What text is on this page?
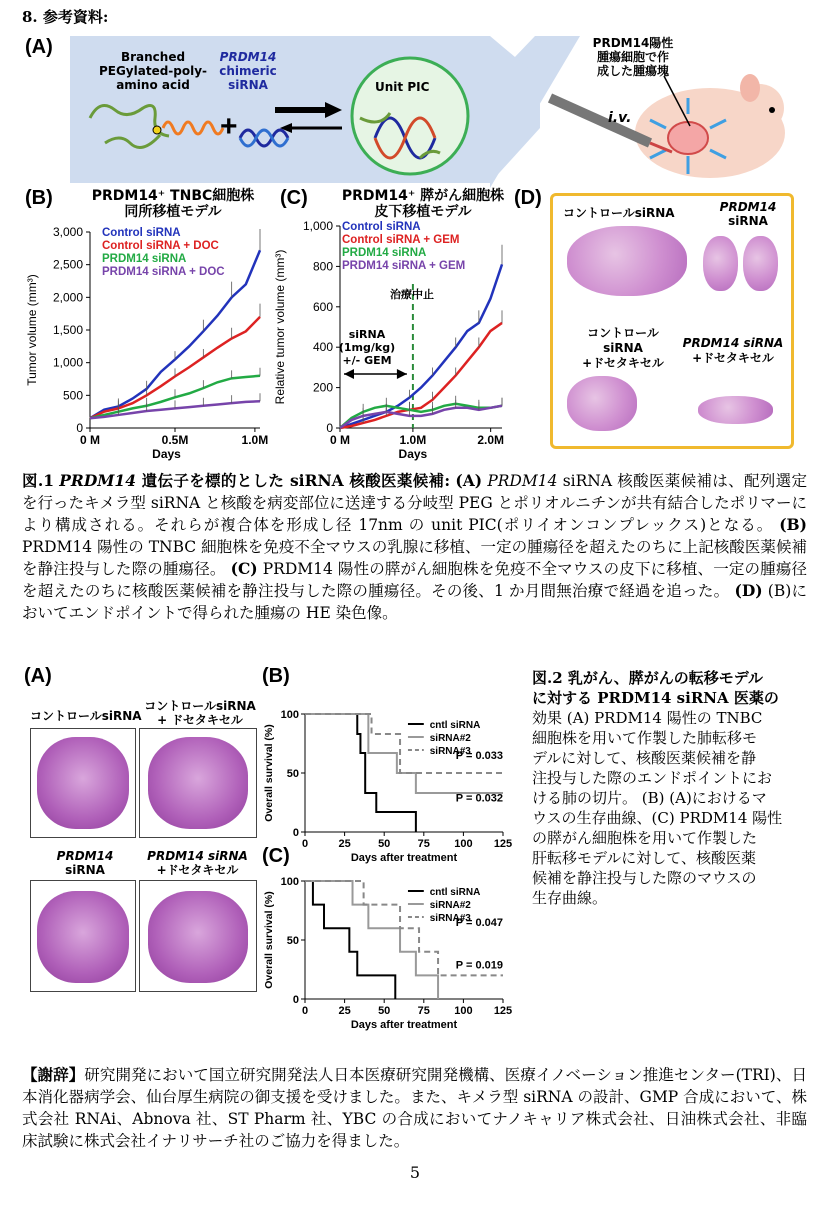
8. 参考資料:
(A)
+
Branched
PEGylated-poly-
amino acid
PRDM14
chimeric
siRNA	Unit PIC
PRDM14陽性
腫瘍細胞で作
成した腫瘍塊
i.v.
(B)	PRDM14⁺ TNBC細胞株
同所移植モデル
0
500
1,000
1,500
2,000
2,500
3,000
0 M	0.5M	1.0M
Days
Tumor volume (mm³)
Control siRNA
Control siRNA + DOC
PRDM14 siRNA
PRDM14 siRNA + DOC
(C)	PRDM14⁺ 膵がん細胞株
皮下移植モデル
0
200
400
600
800
1,000
0 M	1.0M	2.0M
Days
Relative tumor volume (mm³)
Control siRNA
Control siRNA + GEM
PRDM14 siRNA
PRDM14 siRNA + GEM
治療中止
siRNA
(1mg/kg)
+/- GEM
(D)
コントロールsiRNA	PRDM14
siRNA
コントロール
siRNA
+ドセタキセル
PRDM14 siRNA
+ドセタキセル
図.1 PRDM14 遺伝子を標的とした siRNA 核酸医薬候補: (A) PRDM14 siRNA 核酸医薬候補は、配列選定を行ったキメラ型 siRNA と核酸を病変部位に送達する分岐型 PEG とポリオルニチンが共有結合したポリマーにより構成される。それらが複合体を形成し径 17nm の unit PIC(ポリイオンコンプレックス)となる。 (B) PRDM14 陽性の TNBC 細胞株を免疫不全マウスの乳腺に移植、一定の腫瘍径を超えたのちに上記核酸医薬候補を静注投与した際の腫瘍径。 (C) PRDM14 陽性の膵がん細胞株を免疫不全マウスの皮下に移植、一定の腫瘍径を超えたのちに核酸医薬候補を静注投与した際の腫瘍径。その後、1 か月間無治療で経過を追った。 (D) (B)においてエンドポイントで得られた腫瘍の HE 染色像。
(A)
コントロールsiRNA
コントロールsiRNA
+ ドセタキセル
PRDM14
siRNA
PRDM14 siRNA
+ドセタキセル
(B)
0
50
100
0	25 50 75 100 125
Days after treatment
Overall survival (%)	cntl siRNA
siRNA#2
siRNA#3
P = 0.033
P = 0.032
(C)
0
50
100
0	25 50 75 100 125
Days after treatment
Overall survival (%)	cntl siRNA
siRNA#2
siRNA#3
P = 0.047
P = 0.019
図.2 乳がん、膵がんの転移モデル
に対する PRDM14 siRNA 医薬の
効果 (A) PRDM14 陽性の TNBC
細胞株を用いて作製した肺転移モ
デルに対して、核酸医薬候補を静
注投与した際のエンドポイントにお
ける肺の切片。 (B) (A)におけるマ
ウスの生存曲線、(C) PRDM14 陽性
の膵がん細胞株を用いて作製した
肝転移モデルに対して、核酸医薬
候補を静注投与した際のマウスの
生存曲線。
【謝辞】研究開発において国立研究開発法人日本医療研究開発機構、医療イノベーション推進センター(TRI)、日本消化器病学会、仙台厚生病院の御支援を受けました。また、キメラ型 siRNA の設計、GMP 合成において、株式会社 RNAi、Abnova 社、ST Pharm 社、YBC の合成においてナノキャリア株式会社、日油株式会社、非臨床試験に株式会社イナリサーチ社のご協力を得ました。
5
